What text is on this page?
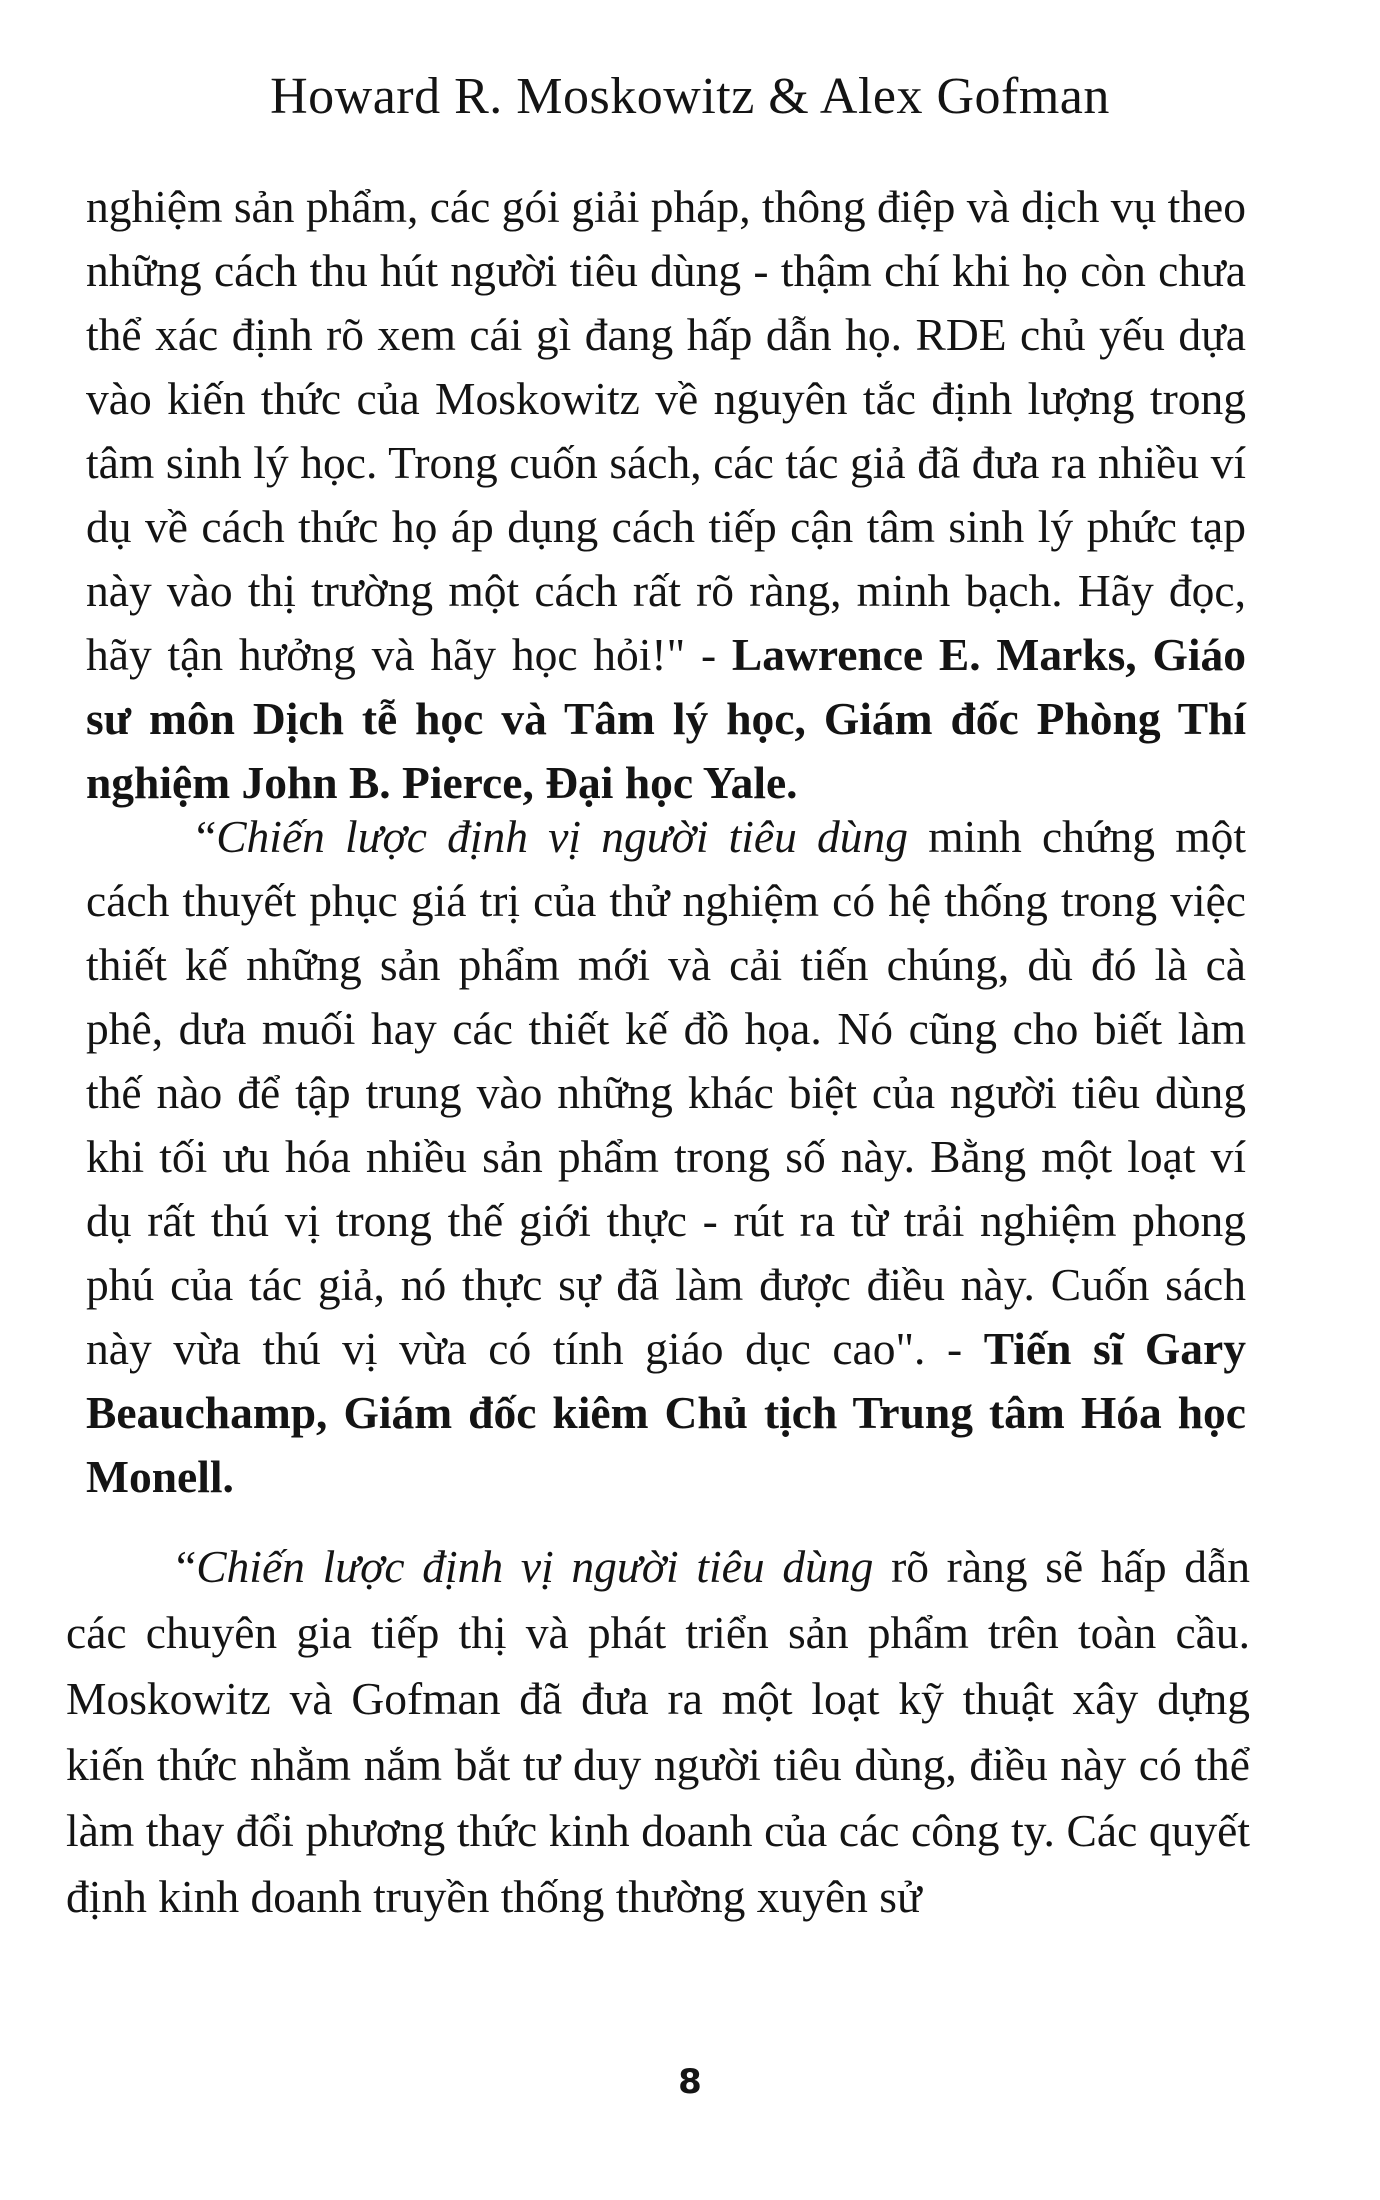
Howard R. Moskowitz & Alex Gofman

nghiệm sản phẩm, các gói giải pháp, thông điệp và dịch vụ theo những cách thu hút người tiêu dùng - thậm chí khi họ còn chưa thể xác định rõ xem cái gì đang hấp dẫn họ. RDE chủ yếu dựa vào kiến thức của Moskowitz về nguyên tắc định lượng trong tâm sinh lý học. Trong cuốn sách, các tác giả đã đưa ra nhiều ví dụ về cách thức họ áp dụng cách tiếp cận tâm sinh lý phức tạp này vào thị trường một cách rất rõ ràng, minh bạch. Hãy đọc, hãy tận hưởng và hãy học hỏi!" - Lawrence E. Marks, Giáo sư môn Dịch tễ học và Tâm lý học, Giám đốc Phòng Thí nghiệm John B. Pierce, Đại học Yale.

“Chiến lược định vị người tiêu dùng minh chứng một cách thuyết phục giá trị của thử nghiệm có hệ thống trong việc thiết kế những sản phẩm mới và cải tiến chúng, dù đó là cà phê, dưa muối hay các thiết kế đồ họa. Nó cũng cho biết làm thế nào để tập trung vào những khác biệt của người tiêu dùng khi tối ưu hóa nhiều sản phẩm trong số này. Bằng một loạt ví dụ rất thú vị trong thế giới thực - rút ra từ trải nghiệm phong phú của tác giả, nó thực sự đã làm được điều này. Cuốn sách này vừa thú vị vừa có tính giáo dục cao". - Tiến sĩ Gary Beauchamp, Giám đốc kiêm Chủ tịch Trung tâm Hóa học Monell.

“Chiến lược định vị người tiêu dùng rõ ràng sẽ hấp dẫn các chuyên gia tiếp thị và phát triển sản phẩm trên toàn cầu. Moskowitz và Gofman đã đưa ra một loạt kỹ thuật xây dựng kiến thức nhằm nắm bắt tư duy người tiêu dùng, điều này có thể làm thay đổi phương thức kinh doanh của các công ty. Các quyết định kinh doanh truyền thống thường xuyên sử

8
